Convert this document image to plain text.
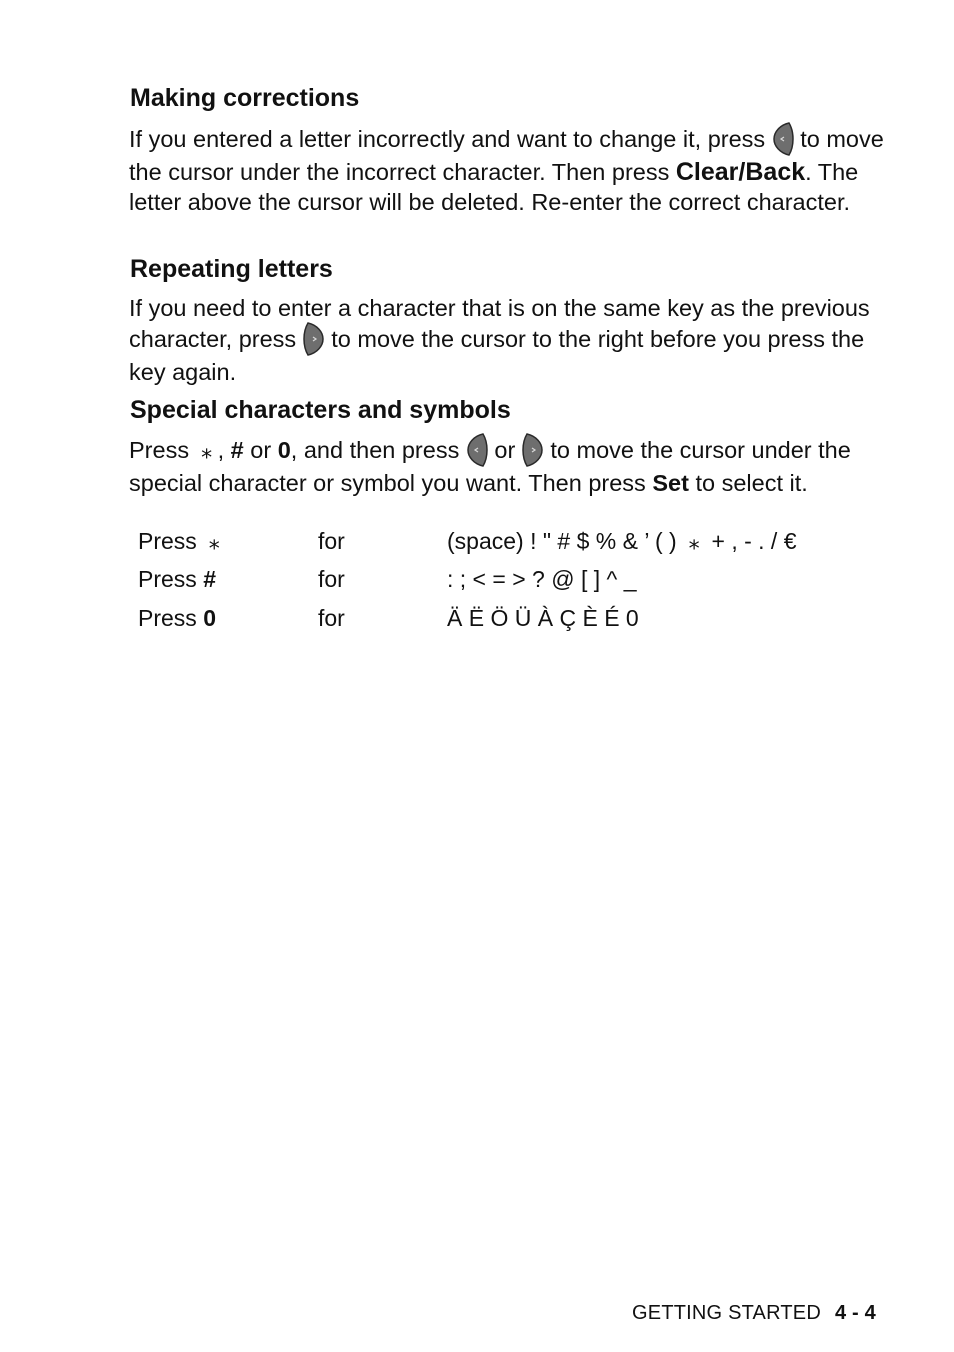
Making corrections

If you entered a letter incorrectly and want to change it, press to move the cursor under the incorrect character. Then press Clear/Back. The letter above the cursor will be deleted. Re-enter the correct character.

Repeating letters

If you need to enter a character that is on the same key as the previous character, press to move the cursor to the right before you press the key again.

Special characters and symbols

Press ⁎ , # or 0, and then press or to move the cursor under the special character or symbol you want. Then press Set to select it.

Press ⁎	for	(space) ! " # $ % & ’ ( ) ⁎ + , - . / €
Press #	for	: ; < = > ? @ [ ] ^ _
Press 0	for	Ä Ë Ö Ü À Ç È É 0
GETTING STARTED 4 - 4
